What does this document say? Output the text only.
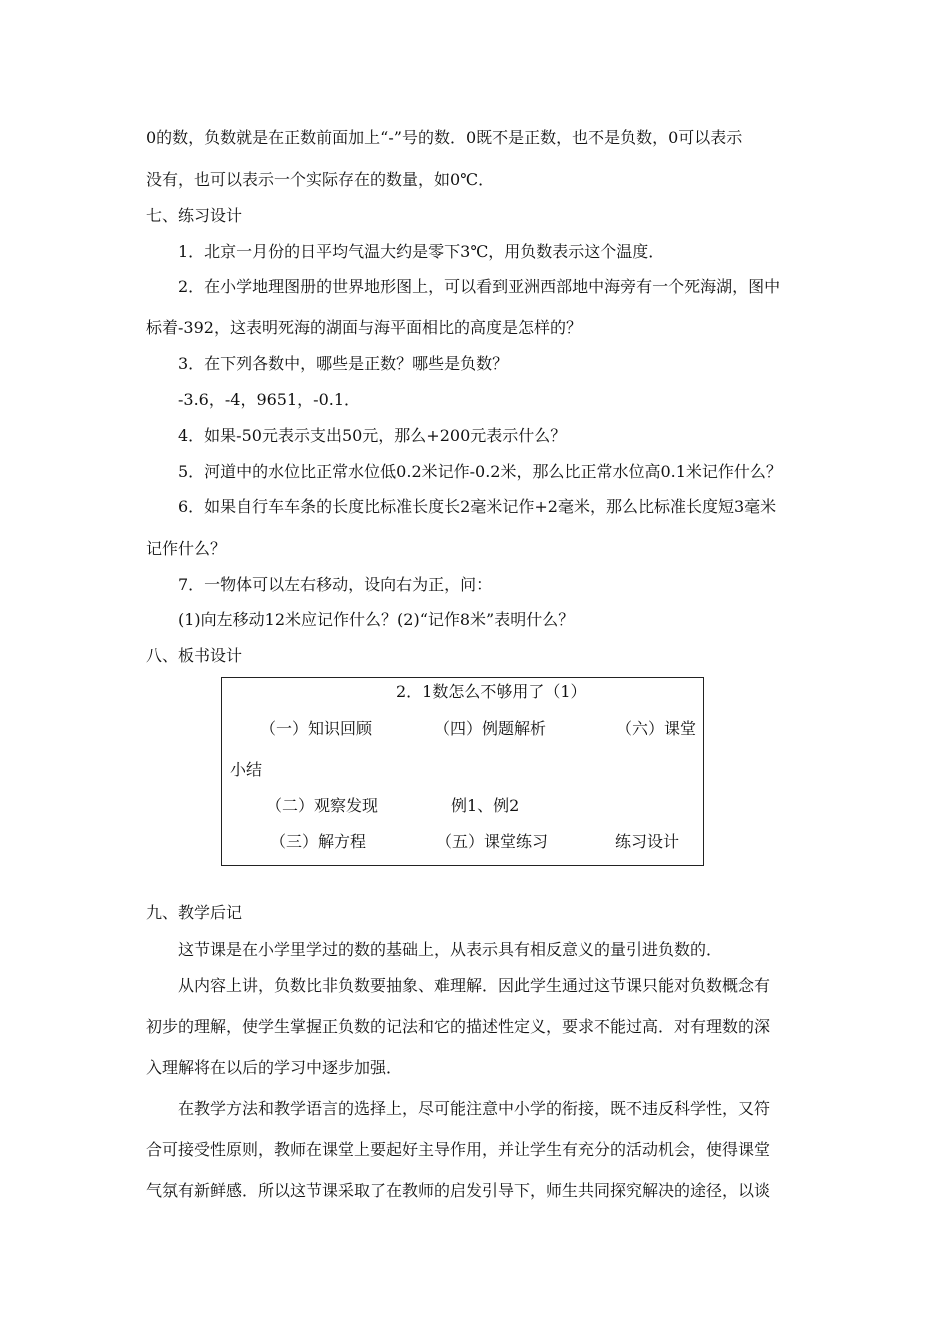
0的数，负数就是在正数前面加上“-”号的数．0既不是正数，也不是负数，0可以表示
没有，也可以表示一个实际存在的数量，如0℃．
七、练习设计
1．北京一月份的日平均气温大约是零下3℃，用负数表示这个温度．
2．在小学地理图册的世界地形图上，可以看到亚洲西部地中海旁有一个死海湖，图中
标着-392，这表明死海的湖面与海平面相比的高度是怎样的？
3．在下列各数中，哪些是正数？哪些是负数？
-3.6，-4，9651，-0.1．
4．如果-50元表示支出50元，那么+200元表示什么？
5．河道中的水位比正常水位低0.2米记作-0.2米，那么比正常水位高0.1米记作什么？
6．如果自行车车条的长度比标准长度长2毫米记作+2毫米，那么比标准长度短3毫米
记作什么？
7．一物体可以左右移动，设向右为正，问：
(1)向左移动12米应记作什么？(2)“记作8米”表明什么？
八、板书设计
2．1数怎么不够用了（1）
（一）知识回顾	（四）例题解析	（六）课堂
小结
（二）观察发现	例1、例2
（三）解方程	（五）课堂练习	练习设计
九、教学后记
这节课是在小学里学过的数的基础上，从表示具有相反意义的量引进负数的．
从内容上讲，负数比非负数要抽象、难理解．因此学生通过这节课只能对负数概念有
初步的理解，使学生掌握正负数的记法和它的描述性定义，要求不能过高．对有理数的深
入理解将在以后的学习中逐步加强．
在教学方法和教学语言的选择上，尽可能注意中小学的衔接，既不违反科学性，又符
合可接受性原则，教师在课堂上要起好主导作用，并让学生有充分的活动机会，使得课堂
气氛有新鲜感．所以这节课采取了在教师的启发引导下，师生共同探究解决的途径，以谈
